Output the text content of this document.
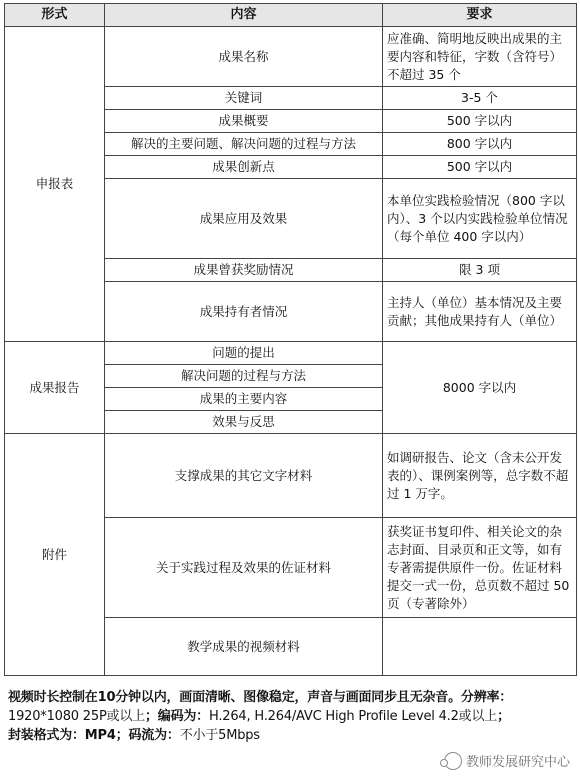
形式	内容	要求
申报表	成果名称	应准确、简明地反映出成果的主要内容和特征，字数（含符号）不超过 35 个
	关键词	3-5 个
	成果概要	500 字以内
	解决的主要问题、解决问题的过程与方法	800 字以内
	成果创新点	500 字以内
	成果应用及效果	本单位实践检验情况（800 字以内）、3 个以内实践检验单位情况（每个单位 400 字以内）
	成果曾获奖励情况	限 3 项
	成果持有者情况	主持人（单位）基本情况及主要贡献；其他成果持有人（单位）
成果报告	问题的提出	8000 字以内
	解决问题的过程与方法	
	成果的主要内容	
	效果与反思	
附件	支撑成果的其它文字材料	如调研报告、论文（含未公开发表的）、课例案例等，总字数不超过 1 万字。
	关于实践过程及效果的佐证材料	获奖证书复印件、相关论文的杂志封面、目录页和正文等，如有专著需提供原件一份。佐证材料提交一式一份，总页数不超过 50 页（专著除外）
	教学成果的视频材料	
视频时长控制在10分钟以内，画面清晰、图像稳定，声音与画面同步且无杂音。分辨率：
1920*1080 25P或以上；编码为：H.264, H.264/AVC High Profile Level 4.2或以上；
封装格式为：MP4；码流为：不小于5Mbps
教师发展研究中心
